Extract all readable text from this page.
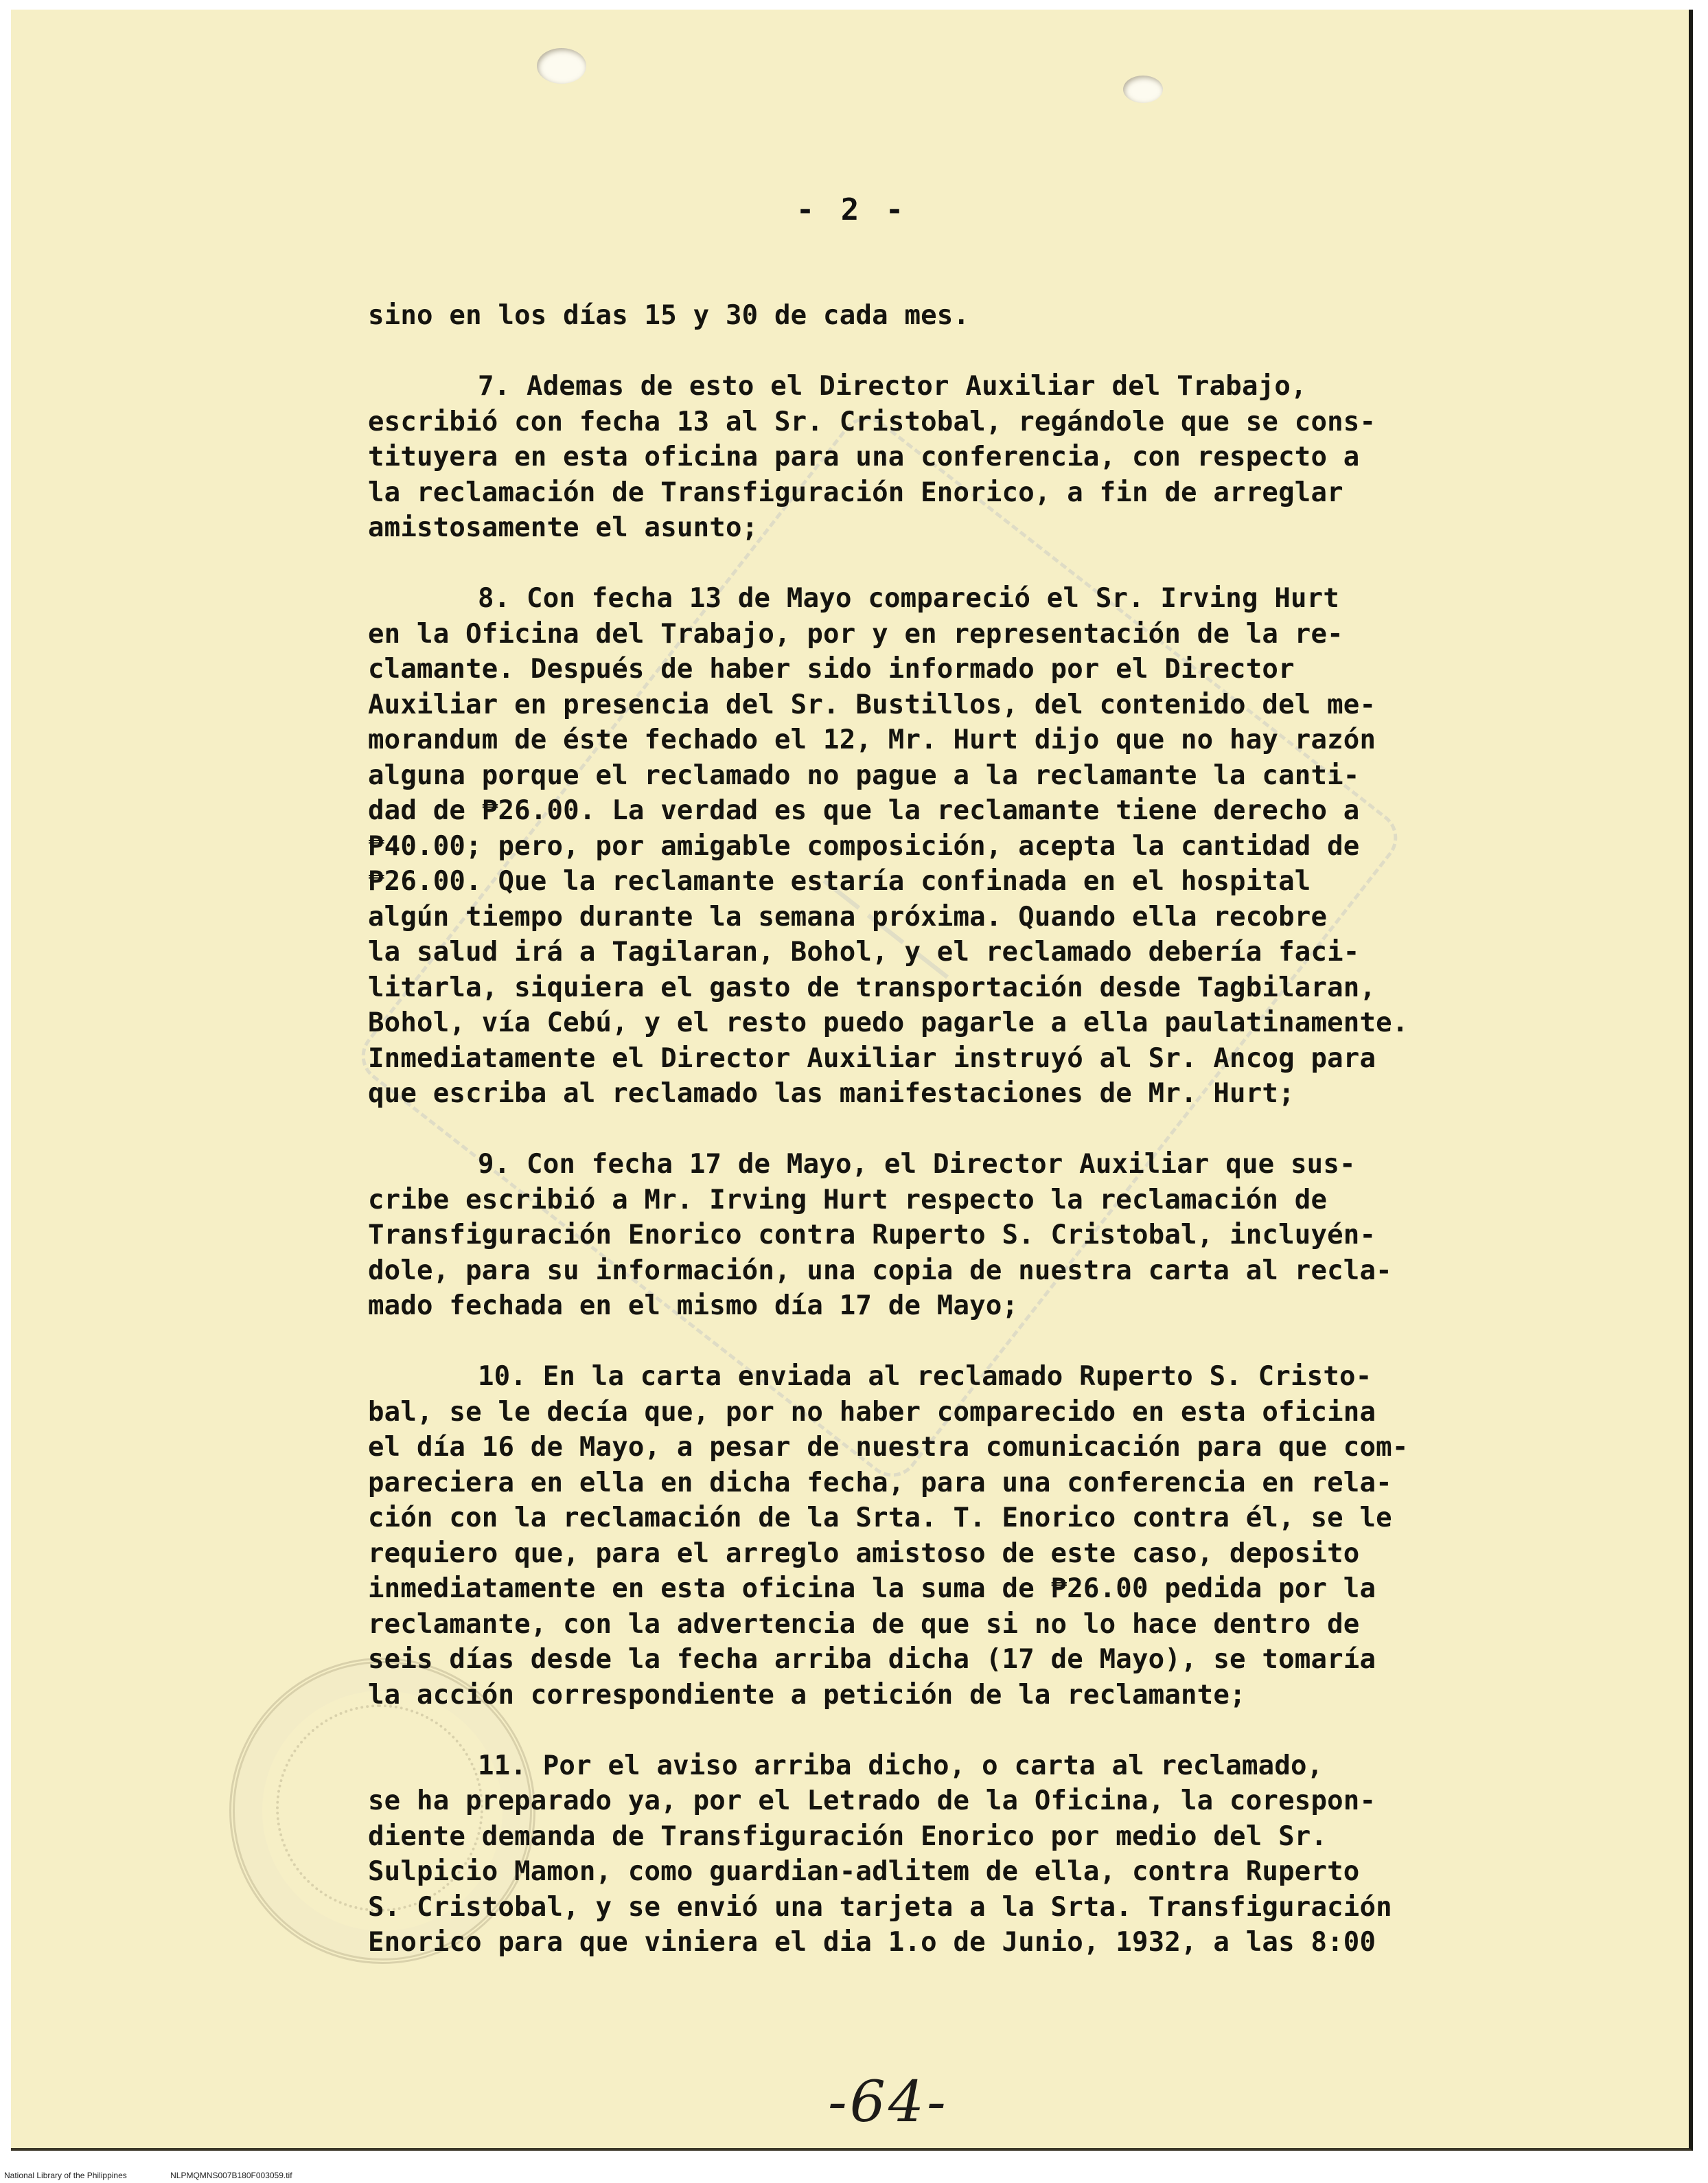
───
- 2 -
sino en los días 15 y 30 de cada mes.
7. Ademas de esto el Director Auxiliar del Trabajo,
escribió con fecha 13 al Sr. Cristobal, regándole que se cons-
tituyera en esta oficina para una conferencia, con respecto a
la reclamación de Transfiguración Enorico, a fin de arreglar
amistosamente el asunto;
8. Con fecha 13 de Mayo compareció el Sr. Irving Hurt
en la Oficina del Trabajo, por y en representación de la re-
clamante. Después de haber sido informado por el Director
Auxiliar en presencia del Sr. Bustillos, del contenido del me-
morandum de éste fechado el 12, Mr. Hurt dijo que no hay razón
alguna porque el reclamado no pague a la reclamante la canti-
dad de ₱26.00. La verdad es que la reclamante tiene derecho a
₱40.00; pero, por amigable composición, acepta la cantidad de
₱26.00. Que la reclamante estaría confinada en el hospital
algún tiempo durante la semana próxima. Quando ella recobre
la salud irá a Tagilaran, Bohol, y el reclamado debería faci-
litarla, siquiera el gasto de transportación desde Tagbilaran,
Bohol, vía Cebú, y el resto puedo pagarle a ella paulatinamente.
Inmediatamente el Director Auxiliar instruyó al Sr. Ancog para
que escriba al reclamado las manifestaciones de Mr. Hurt;
9. Con fecha 17 de Mayo, el Director Auxiliar que sus-
cribe escribió a Mr. Irving Hurt respecto la reclamación de
Transfiguración Enorico contra Ruperto S. Cristobal, incluyén-
dole, para su información, una copia de nuestra carta al recla-
mado fechada en el mismo día 17 de Mayo;
10. En la carta enviada al reclamado Ruperto S. Cristo-
bal, se le decía que, por no haber comparecido en esta oficina
el día 16 de Mayo, a pesar de nuestra comunicación para que com-
pareciera en ella en dicha fecha, para una conferencia en rela-
ción con la reclamación de la Srta. T. Enorico contra él, se le
requiero que, para el arreglo amistoso de este caso, deposito
inmediatamente en esta oficina la suma de ₱26.00 pedida por la
reclamante, con la advertencia de que si no lo hace dentro de
seis días desde la fecha arriba dicha (17 de Mayo), se tomaría
la acción correspondiente a petición de la reclamante;
11. Por el aviso arriba dicho, o carta al reclamado,
se ha preparado ya, por el Letrado de la Oficina, la corespon-
diente demanda de Transfiguración Enorico por medio del Sr.
Sulpicio Mamon, como guardian-adlitem de ella, contra Ruperto
S. Cristobal, y se envió una tarjeta a la Srta. Transfiguración
Enorico para que viniera el dia 1.o de Junio, 1932, a las 8:00
-64-
National Library of the Philippines	NLPMQMNS007B180F003059.tif
